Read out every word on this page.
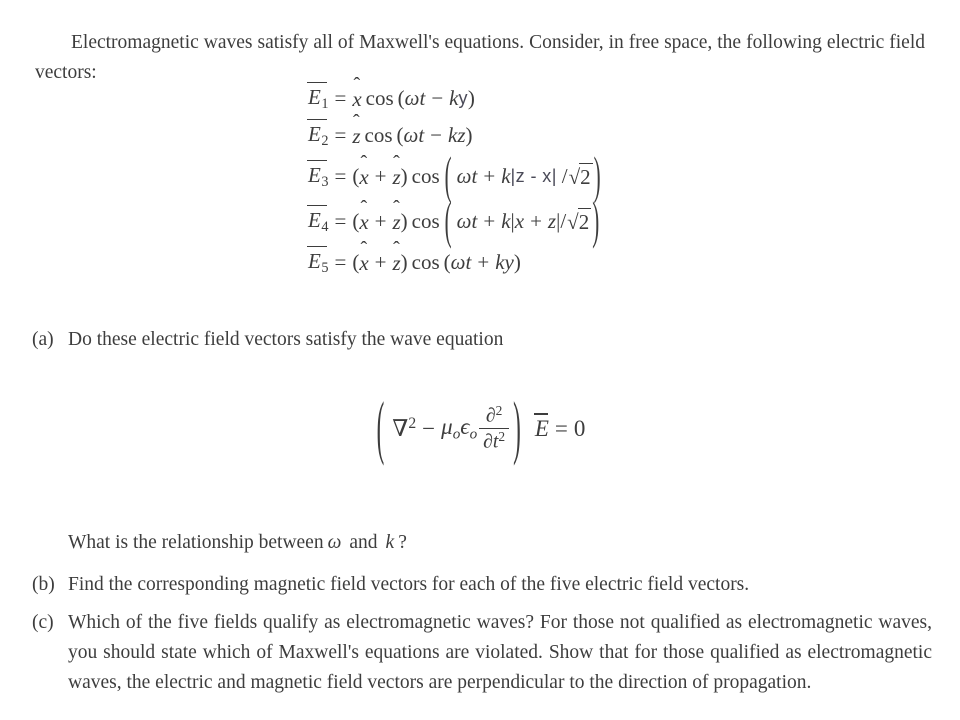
Electromagnetic waves satisfy all of Maxwell's equations. Consider, in free space, the following electric field vectors:

$E_1$ = ˆ x cos ( ω t − k y )
$E_2$ = ˆ z cos ( ω t − k z )
$E_3$ = ( ˆ x + ˆ z ) cos ( ω t + k |z - x| / √2 )
$E_4$ = ( ˆ x + ˆ z ) cos ( ω t + k | x + z | / √2 )
$E_5$ = ( ˆ x + ˆ z ) cos ( ω t + k y )
(a) Do these electric field vectors satisfy the wave equation
( ∇$^2$ − μo ϵo $\frac{\partial^2}{\partial t^2}$ ) E = 0
What is the relationship between ω and k ?
(b) Find the corresponding magnetic field vectors for each of the five electric field vectors.
(c) Which of the five fields qualify as electromagnetic waves? For those not qualified as electromagnetic waves, you should state which of Maxwell's equations are violated. Show that for those qualified as electromagnetic waves, the electric and magnetic field vectors are perpendicular to the direction of propagation.
